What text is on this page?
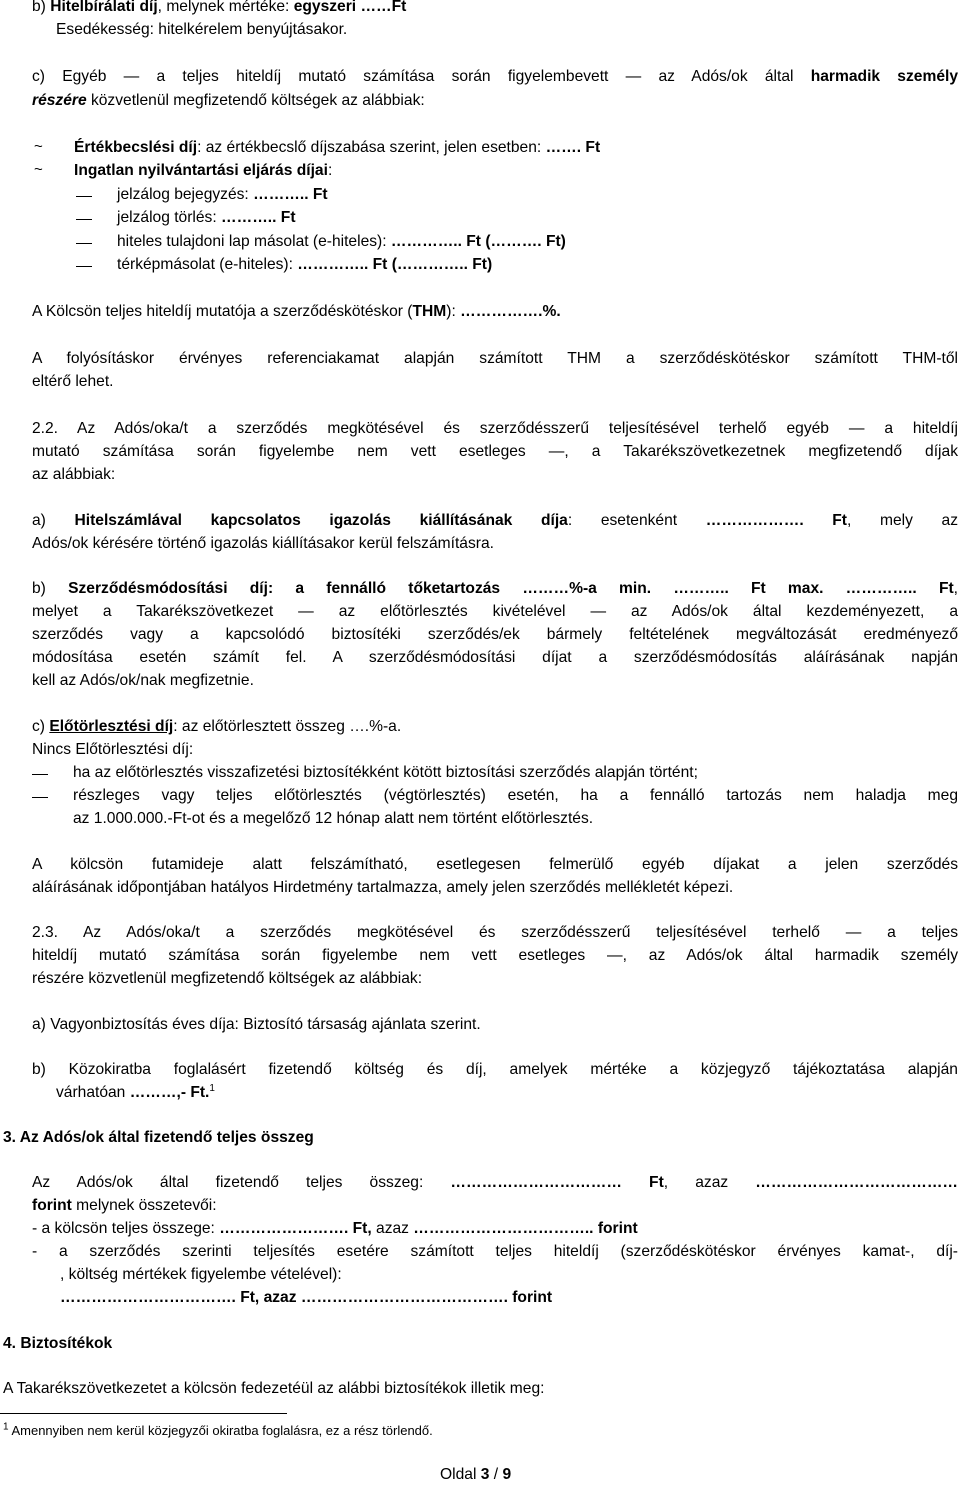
b) Hitelbírálati díj, melynek mértéke: egyszeri ……Ft
Esedékesség: hitelkérelem benyújtásakor.
c) Egyéb — a teljes hiteldíj mutató számítása során figyelembevett — az Adós/ok által harmadik személy
részére közvetlenül megfizetendő költségek az alábbiak:
~ Értékbecslési díj: az értékbecslő díjszabása szerint, jelen esetben: ……. Ft
~ Ingatlan nyilvántartási eljárás díjai:
jelzálog bejegyzés: ……….. Ft
jelzálog törlés: ……….. Ft
hiteles tulajdoni lap másolat (e-hiteles): ………….. Ft (………. Ft)
térképmásolat (e-hiteles): ………….. Ft (………….. Ft)
A Kölcsön teljes hiteldíj mutatója a szerződéskötéskor (THM): …………….%.
A folyósításkor érvényes referenciakamat alapján számított THM a szerződéskötéskor számított THM-től
eltérő lehet.
2.2. Az Adós/oka/t a szerződés megkötésével és szerződésszerű teljesítésével terhelő egyéb — a hiteldíj
mutató számítása során figyelembe nem vett esetleges —, a Takarékszövetkezetnek megfizetendő díjak
az alábbiak:
a) Hitelszámlával kapcsolatos igazolás kiállításának díja: esetenként ………………. Ft, mely az
Adós/ok kérésére történő igazolás kiállításakor kerül felszámításra.
b) Szerződésmódosítási díj: a fennálló tőketartozás ………%-a min. ……….. Ft max. ………….. Ft,
melyet a Takarékszövetkezet — az előtörlesztés kivételével — az Adós/ok által kezdeményezett, a
szerződés vagy a kapcsolódó biztosítéki szerződés/ek bármely feltételének megváltozását eredményező
módosítása esetén számít fel. A szerződésmódosítási díjat a szerződésmódosítás aláírásának napján
kell az Adós/ok/nak megfizetnie.
c) Előtörlesztési díj: az előtörlesztett összeg ….%-a.
Nincs Előtörlesztési díj:
ha az előtörlesztés visszafizetési biztosítékként kötött biztosítási szerződés alapján történt;
részleges vagy teljes előtörlesztés (végtörlesztés) esetén, ha a fennálló tartozás nem haladja meg
az 1.000.000.-Ft-ot és a megelőző 12 hónap alatt nem történt előtörlesztés.
A kölcsön futamideje alatt felszámítható, esetlegesen felmerülő egyéb díjakat a jelen szerződés
aláírásának időpontjában hatályos Hirdetmény tartalmazza, amely jelen szerződés mellékletét képezi.
2.3. Az Adós/oka/t a szerződés megkötésével és szerződésszerű teljesítésével terhelő — a teljes
hiteldíj mutató számítása során figyelembe nem vett esetleges —, az Adós/ok által harmadik személy
részére közvetlenül megfizetendő költségek az alábbiak:
a) Vagyonbiztosítás éves díja: Biztosító társaság ajánlata szerint.
b) Közokiratba foglalásért fizetendő költség és díj, amelyek mértéke a közjegyző tájékoztatása alapján
várhatóan ………,- Ft.$^1$
3. Az Adós/ok által fizetendő teljes összeg
Az Adós/ok által fizetendő teljes összeg: …………………………… Ft, azaz …………………………………
forint melynek összetevői:
- a kölcsön teljes összege: ……………………. Ft, azaz …………………………….. forint
- a szerződés szerinti teljesítés esetére számított teljes hiteldíj (szerződéskötéskor érvényes kamat-, díj-
, költség mértékek figyelembe vételével):
……………………………. Ft, azaz …………………………………. forint
4. Biztosítékok
A Takarékszövetkezetet a kölcsön fedezetéül az alábbi biztosítékok illetik meg:
$^1$ Amennyiben nem kerül közjegyzői okiratba foglalásra, ez a rész törlendő.
Oldal 3 / 9
